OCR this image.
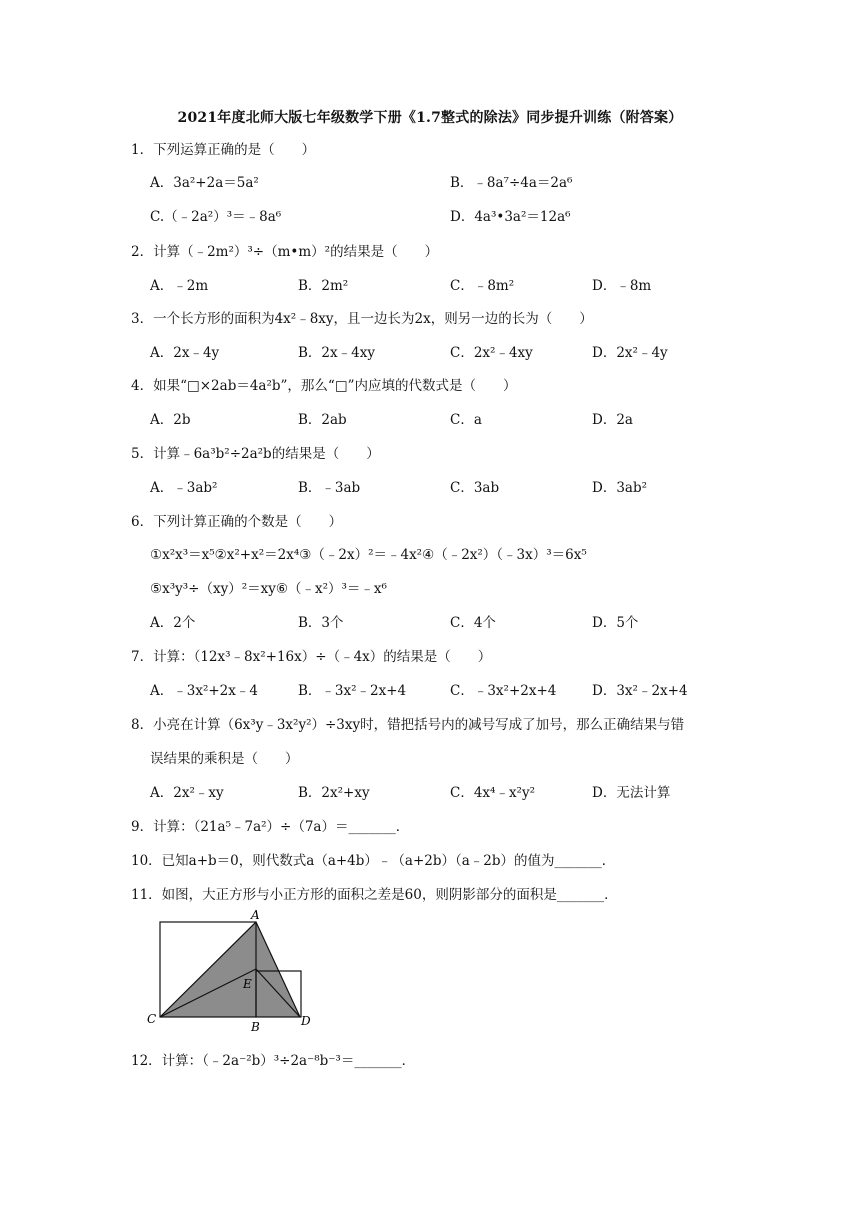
2021年度北师大版七年级数学下册《1.7整式的除法》同步提升训练（附答案）
1．下列运算正确的是（　　）
A．3a²+2a＝5a²	B．﹣8a⁷÷4a＝2a⁶
C.（﹣2a²）³＝﹣8a⁶	D．4a³•3a²＝12a⁶
2．计算（﹣2m²）³÷（m•m）²的结果是（　　）
A．﹣2m	B．2m²	C．﹣8m²	D．﹣8m
3．一个长方形的面积为4x²﹣8xy，且一边长为2x，则另一边的长为（　　）
A．2x﹣4y	B．2x﹣4xy	C．2x²﹣4xy	D．2x²﹣4y
4．如果“□×2ab＝4a²b”，那么“□”内应填的代数式是（　　）
A．2b	B．2ab	C．a	D．2a
5．计算﹣6a³b²÷2a²b的结果是（　　）
A．﹣3ab²	B．﹣3ab	C．3ab	D．3ab²
6．下列计算正确的个数是（　　）
①x²x³＝x⁵②x²+x²＝2x⁴③（﹣2x）²＝﹣4x²④（﹣2x²）（﹣3x）³＝6x⁵
⑤x³y³÷（xy）²＝xy⑥（﹣x²）³＝﹣x⁶
A．2个	B．3个	C．4个	D．5个
7．计算：（12x³﹣8x²+16x）÷（﹣4x）的结果是（　　）
A．﹣3x²+2x﹣4	B．﹣3x²﹣2x+4	C．﹣3x²+2x+4	D．3x²﹣2x+4
8．小亮在计算（6x³y﹣3x²y²）÷3xy时，错把括号内的减号写成了加号，那么正确结果与错
误结果的乘积是（　　）
A．2x²﹣xy	B．2x²+xy	C．4x⁴﹣x²y²	D．无法计算
9．计算：（21a⁵﹣7a²）÷（7a）＝_______．
10．已知a+b＝0，则代数式a（a+4b）﹣（a+2b）（a﹣2b）的值为_______．
11．如图，大正方形与小正方形的面积之差是60，则阴影部分的面积是_______．
A
E
C
B	D
12．计算：（﹣2a⁻²b）³÷2a⁻⁸b⁻³＝_______．
